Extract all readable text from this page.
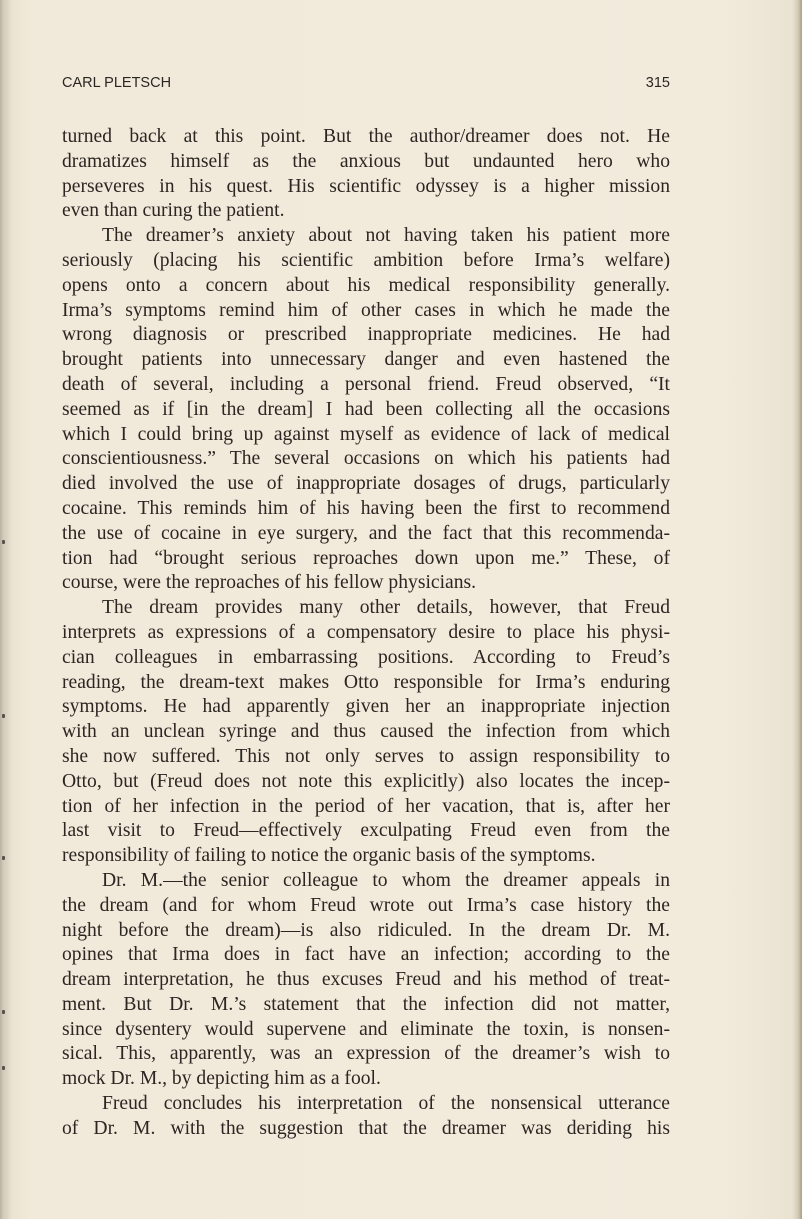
CARL PLETSCH	315
turned back at this point. But the author/dreamer does not. He
dramatizes himself as the anxious but undaunted hero who
perseveres in his quest. His scientific odyssey is a higher mission
even than curing the patient.
The dreamer’s anxiety about not having taken his patient more
seriously (placing his scientific ambition before Irma’s welfare)
opens onto a concern about his medical responsibility generally.
Irma’s symptoms remind him of other cases in which he made the
wrong diagnosis or prescribed inappropriate medicines. He had
brought patients into unnecessary danger and even hastened the
death of several, including a personal friend. Freud observed, “It
seemed as if [in the dream] I had been collecting all the occasions
which I could bring up against myself as evidence of lack of medical
conscientiousness.” The several occasions on which his patients had
died involved the use of inappropriate dosages of drugs, particularly
cocaine. This reminds him of his having been the first to recommend
the use of cocaine in eye surgery, and the fact that this recommenda-
tion had “brought serious reproaches down upon me.” These, of
course, were the reproaches of his fellow physicians.
The dream provides many other details, however, that Freud
interprets as expressions of a compensatory desire to place his physi-
cian colleagues in embarrassing positions. According to Freud’s
reading, the dream-text makes Otto responsible for Irma’s enduring
symptoms. He had apparently given her an inappropriate injection
with an unclean syringe and thus caused the infection from which
she now suffered. This not only serves to assign responsibility to
Otto, but (Freud does not note this explicitly) also locates the incep-
tion of her infection in the period of her vacation, that is, after her
last visit to Freud—effectively exculpating Freud even from the
responsibility of failing to notice the organic basis of the symptoms.
Dr. M.—the senior colleague to whom the dreamer appeals in
the dream (and for whom Freud wrote out Irma’s case history the
night before the dream)—is also ridiculed. In the dream Dr. M.
opines that Irma does in fact have an infection; according to the
dream interpretation, he thus excuses Freud and his method of treat-
ment. But Dr. M.’s statement that the infection did not matter,
since dysentery would supervene and eliminate the toxin, is nonsen-
sical. This, apparently, was an expression of the dreamer’s wish to
mock Dr. M., by depicting him as a fool.
Freud concludes his interpretation of the nonsensical utterance
of Dr. M. with the suggestion that the dreamer was deriding his
